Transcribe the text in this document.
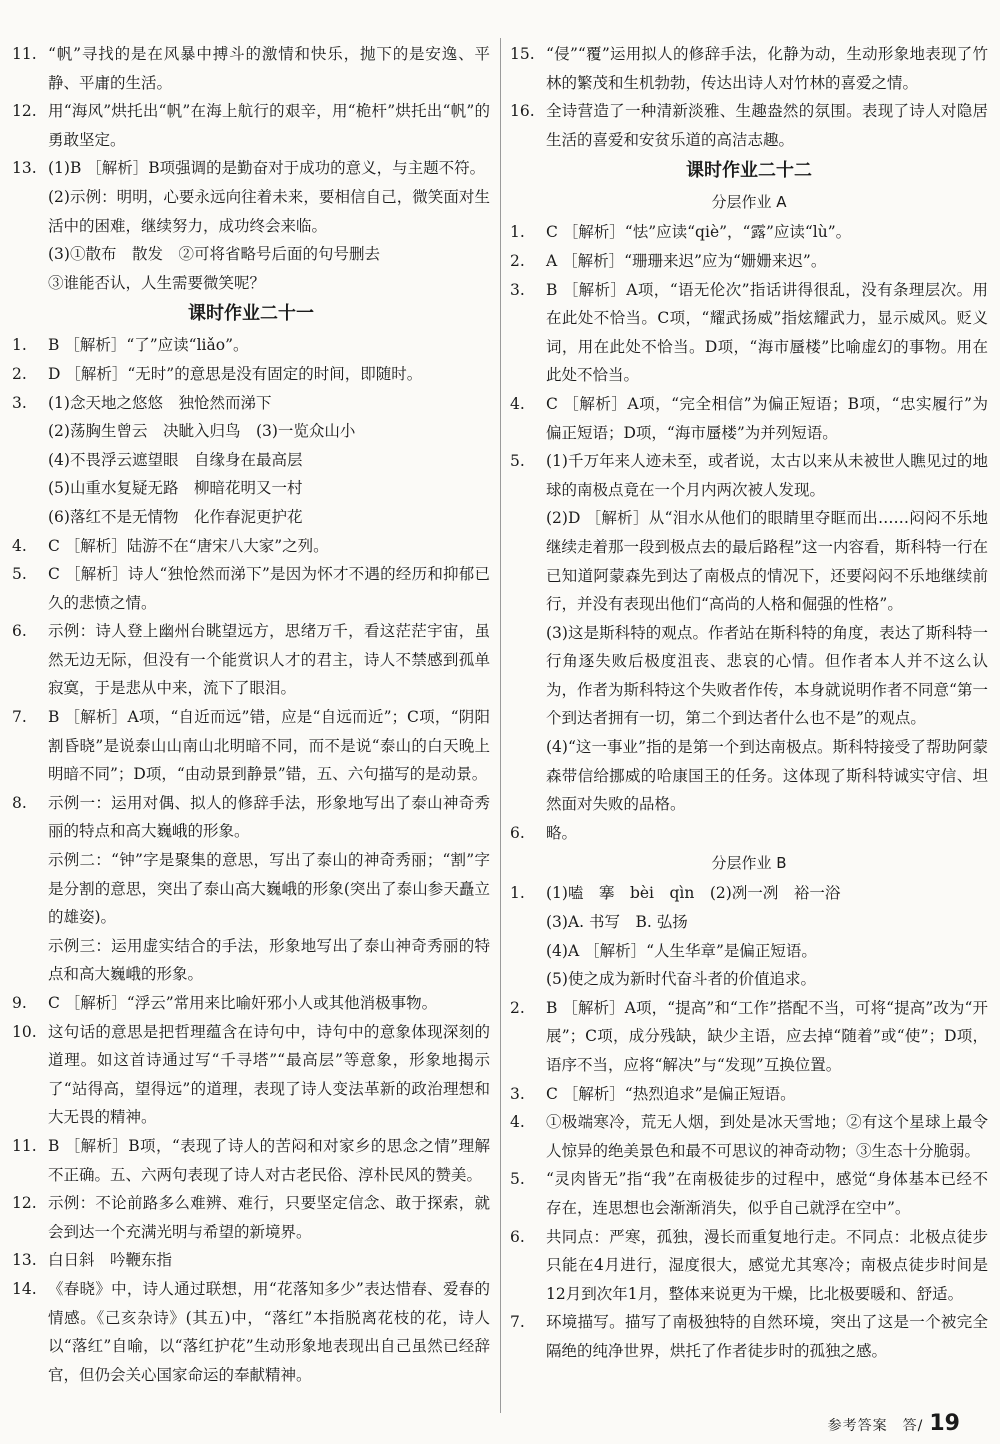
11. “帆”寻找的是在风暴中搏斗的激情和快乐，抛下的是安逸、平静、平庸的生活。

12. 用“海风”烘托出“帆”在海上航行的艰辛，用“桅杆”烘托出“帆”的勇敢坚定。

13. (1)B ［解析］B项强调的是勤奋对于成功的意义，与主题不符。

(2)示例：明明，心要永远向往着未来，要相信自己，微笑面对生活中的困难，继续努力，成功终会来临。

(3)①散布　散发　②可将省略号后面的句号删去

③谁能否认，人生需要微笑呢？

课时作业二十一
1.	B ［解析］“了”应读“liǎo”。

2.	D ［解析］“无时”的意思是没有固定的时间，即随时。

3.	(1)念天地之悠悠　独怆然而涕下

(2)荡胸生曾云　决眦入归鸟　(3)一览众山小

(4)不畏浮云遮望眼　自缘身在最高层

(5)山重水复疑无路　柳暗花明又一村

(6)落红不是无情物　化作春泥更护花

4.	C ［解析］陆游不在“唐宋八大家”之列。

5.	C ［解析］诗人“独怆然而涕下”是因为怀才不遇的经历和抑郁已久的悲愤之情。

6.	示例：诗人登上幽州台眺望远方，思绪万千，看这茫茫宇宙，虽然无边无际，但没有一个能赏识人才的君主，诗人不禁感到孤单寂寞，于是悲从中来，流下了眼泪。

7.	B ［解析］A项，“自近而远”错，应是“自远而近”；C项，“阴阳割昏晓”是说泰山山南山北明暗不同，而不是说“泰山的白天晚上明暗不同”；D项，“由动景到静景”错，五、六句描写的是动景。

8.	示例一：运用对偶、拟人的修辞手法，形象地写出了泰山神奇秀丽的特点和高大巍峨的形象。

示例二：“钟”字是聚集的意思，写出了泰山的神奇秀丽；“割”字是分割的意思，突出了泰山高大巍峨的形象(突出了泰山参天矗立的雄姿)。

示例三：运用虚实结合的手法，形象地写出了泰山神奇秀丽的特点和高大巍峨的形象。

9.	C ［解析］“浮云”常用来比喻奸邪小人或其他消极事物。

10. 这句话的意思是把哲理蕴含在诗句中，诗句中的意象体现深刻的道理。如这首诗通过写“千寻塔”“最高层”等意象，形象地揭示了“站得高，望得远”的道理，表现了诗人变法革新的政治理想和大无畏的精神。

11. B ［解析］B项，“表现了诗人的苦闷和对家乡的思念之情”理解不正确。五、六两句表现了诗人对古老民俗、淳朴民风的赞美。

12. 示例：不论前路多么难辨、难行，只要坚定信念、敢于探索，就会到达一个充满光明与希望的新境界。

13. 白日斜　吟鞭东指

14. 《春晓》中，诗人通过联想，用“花落知多少”表达惜春、爱春的情感。《己亥杂诗》(其五)中，“落红”本指脱离花枝的花，诗人以“落红”自喻，以“落红护花”生动形象地表现出自己虽然已经辞官，但仍会关心国家命运的奉献精神。

15. “侵”“覆”运用拟人的修辞手法，化静为动，生动形象地表现了竹林的繁茂和生机勃勃，传达出诗人对竹林的喜爱之情。

16. 全诗营造了一种清新淡雅、生趣盎然的氛围。表现了诗人对隐居生活的喜爱和安贫乐道的高洁志趣。

课时作业二十二
分层作业 A
1.	C ［解析］“怯”应读“qiè”，“露”应读“lù”。

2.	A ［解析］“珊珊来迟”应为“姗姗来迟”。

3.	B ［解析］A项，“语无伦次”指话讲得很乱，没有条理层次。用在此处不恰当。C项，“耀武扬威”指炫耀武力，显示威风。贬义词，用在此处不恰当。D项，“海市蜃楼”比喻虚幻的事物。用在此处不恰当。

4.	C ［解析］A项，“完全相信”为偏正短语；B项，“忠实履行”为偏正短语；D项，“海市蜃楼”为并列短语。

5.	(1)千万年来人迹未至，或者说，太古以来从未被世人瞧见过的地球的南极点竟在一个月内两次被人发现。

(2)D ［解析］从“泪水从他们的眼睛里夺眶而出……闷闷不乐地继续走着那一段到极点去的最后路程”这一内容看，斯科特一行在已知道阿蒙森先到达了南极点的情况下，还要闷闷不乐地继续前行，并没有表现出他们“高尚的人格和倔强的性格”。

(3)这是斯科特的观点。作者站在斯科特的角度，表达了斯科特一行角逐失败后极度沮丧、悲哀的心情。但作者本人并不这么认为，作者为斯科特这个失败者作传，本身就说明作者不同意“第一个到达者拥有一切，第二个到达者什么也不是”的观点。

(4)“这一事业”指的是第一个到达南极点。斯科特接受了帮助阿蒙森带信给挪威的哈康国王的任务。这体现了斯科特诚实守信、坦然面对失败的品格。

6.	略。

分层作业 B
1.	(1)嗑　搴　bèi　qìn　(2)冽一冽　裕一浴

(3)A. 书写　B. 弘扬

(4)A ［解析］“人生华章”是偏正短语。

(5)使之成为新时代奋斗者的价值追求。

2.	B ［解析］A项，“提高”和“工作”搭配不当，可将“提高”改为“开展”；C项，成分残缺，缺少主语，应去掉“随着”或“使”；D项，语序不当，应将“解决”与“发现”互换位置。

3.	C ［解析］“热烈追求”是偏正短语。

4.	①极端寒冷，荒无人烟，到处是冰天雪地；②有这个星球上最令人惊异的绝美景色和最不可思议的神奇动物；③生态十分脆弱。

5.	“灵肉皆无”指“我”在南极徒步的过程中，感觉“身体基本已经不存在，连思想也会渐渐消失，似乎自己就浮在空中”。

6.	共同点：严寒，孤独，漫长而重复地行走。不同点：北极点徒步只能在4月进行，湿度很大，感觉尤其寒冷；南极点徒步时间是12月到次年1月，整体来说更为干燥，比北极要暖和、舒适。

7.	环境描写。描写了南极独特的自然环境，突出了这是一个被完全隔绝的纯净世界，烘托了作者徒步时的孤独之感。

参考答案　答/ 19
